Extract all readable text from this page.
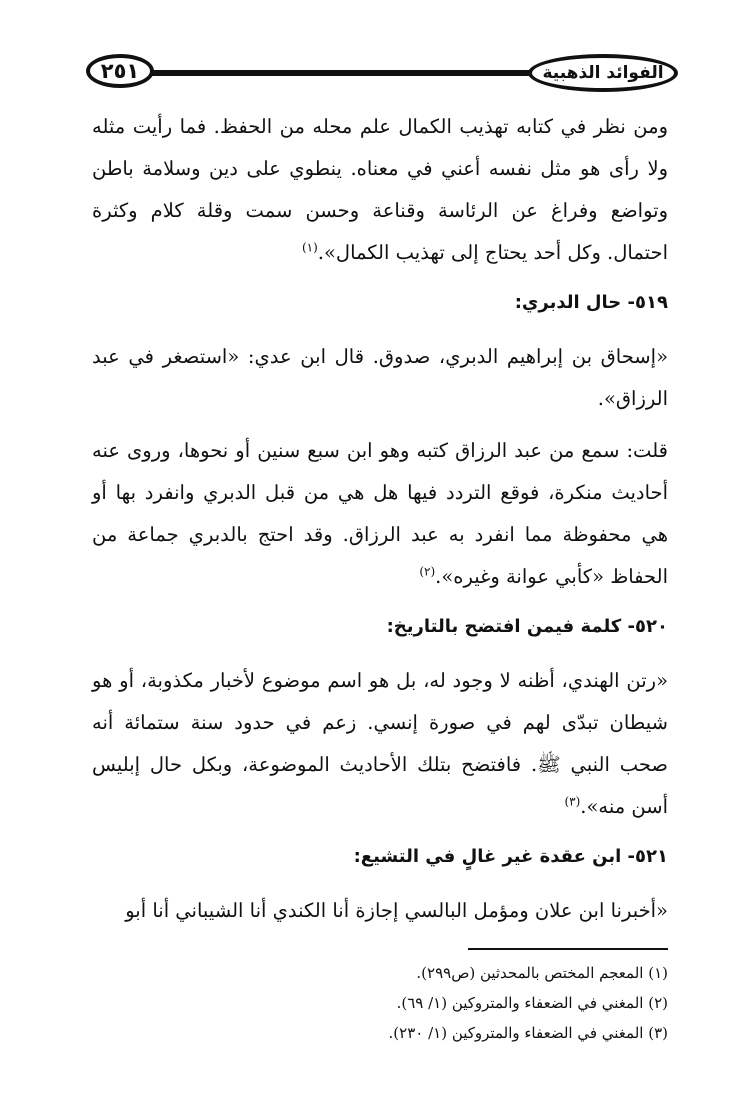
٢٥١	الفوائد الذهبية

ومن نظر في كتابه تهذيب الكمال علم محله من الحفظ. فما رأيت مثله ولا رأى هو مثل نفسه أعني في معناه. ينطوي على دين وسلامة باطن وتواضع وفراغ عن الرئاسة وقناعة وحسن سمت وقلة كلام وكثرة احتمال. وكل أحد يحتاج إلى تهذيب الكمال».$^{(١)}$

٥١٩- حال الدبري:

«إسحاق بن إبراهيم الدبري، صدوق. قال ابن عدي: «استصغر في عبد الرزاق».

قلت: سمع من عبد الرزاق كتبه وهو ابن سبع سنين أو نحوها، وروى عنه أحاديث منكرة، فوقع التردد فيها هل هي من قبل الدبري وانفرد بها أو هي محفوظة مما انفرد به عبد الرزاق. وقد احتج بالدبري جماعة من الحفاظ «كأبي عوانة وغيره».$^{(٢)}$

٥٢٠- كلمة فيمن افتضح بالتاريخ:

«رتن الهندي، أظنه لا وجود له، بل هو اسم موضوع لأخبار مكذوبة، أو هو شيطان تبدّى لهم في صورة إنسي. زعم في حدود سنة ستمائة أنه صحب النبي ﷺ. فافتضح بتلك الأحاديث الموضوعة، وبكل حال إبليس أسن منه».$^{(٣)}$

٥٢١- ابن عقدة غير غالٍ في التشيع:

«أخبرنا ابن علان ومؤمل البالسي إجازة أنا الكندي أنا الشيباني أنا أبو

(١) المعجم المختص بالمحدثين (ص٢٩٩).
(٢) المغني في الضعفاء والمتروكين (١/ ٦٩).
(٣) المغني في الضعفاء والمتروكين (١/ ٢٣٠).
